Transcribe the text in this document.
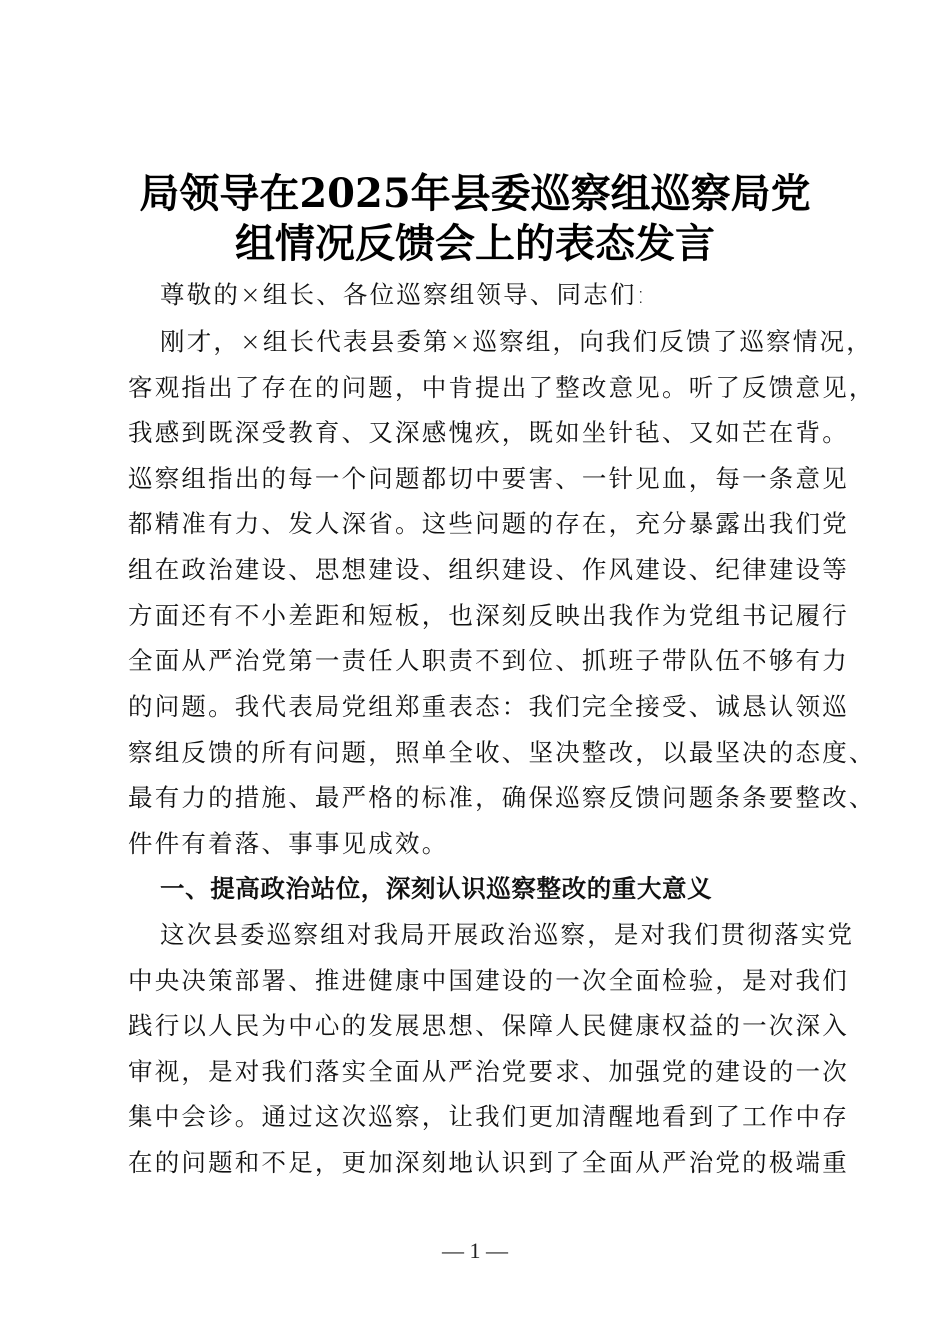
局领导在2025年县委巡察组巡察局党
组情况反馈会上的表态发言
尊敬的×组长、各位巡察组领导、同志们:
刚才，×组长代表县委第×巡察组，向我们反馈了巡察情况，
客观指出了存在的问题，中肯提出了整改意见。听了反馈意见，
我感到既深受教育、又深感愧疚，既如坐针毡、又如芒在背。
巡察组指出的每一个问题都切中要害、一针见血，每一条意见
都精准有力、发人深省。这些问题的存在，充分暴露出我们党
组在政治建设、思想建设、组织建设、作风建设、纪律建设等
方面还有不小差距和短板，也深刻反映出我作为党组书记履行
全面从严治党第一责任人职责不到位、抓班子带队伍不够有力
的问题。我代表局党组郑重表态：我们完全接受、诚恳认领巡
察组反馈的所有问题，照单全收、坚决整改，以最坚决的态度、
最有力的措施、最严格的标准，确保巡察反馈问题条条要整改、
件件有着落、事事见成效。
一、提高政治站位，深刻认识巡察整改的重大意义
这次县委巡察组对我局开展政治巡察，是对我们贯彻落实党
中央决策部署、推进健康中国建设的一次全面检验，是对我们
践行以人民为中心的发展思想、保障人民健康权益的一次深入
审视，是对我们落实全面从严治党要求、加强党的建设的一次
集中会诊。通过这次巡察，让我们更加清醒地看到了工作中存
在的问题和不足，更加深刻地认识到了全面从严治党的极端重
— 1 —
